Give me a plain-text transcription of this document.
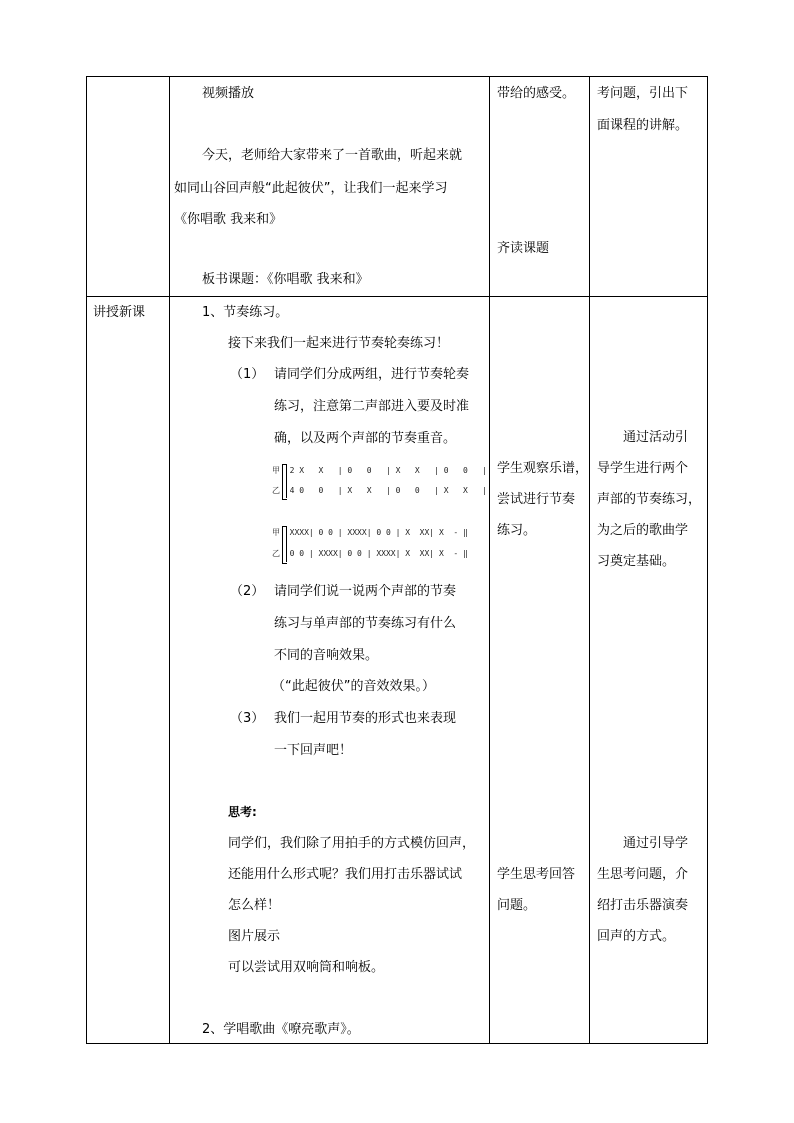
视频播放
今天，老师给大家带来了一首歌曲，听起来就
如同山谷回声般“此起彼伏”，让我们一起来学习
《你唱歌 我来和》
板书课题：《你唱歌 我来和》
带给的感受。
齐读课题
考问题，引出下
面课程的讲解。
讲授新课	1、节奏练习。
接下来我们一起来进行节奏轮奏练习！
（1） 请同学们分成两组，进行节奏轮奏
练习，注意第二声部进入要及时准
确，以及两个声部的节奏重音。
甲  2 X   X   | 0   0   | X   X   | 0   0   |
乙  4 0   0   | X   X   | 0   0   | X   X   |
甲  XXXX| 0 0 | XXXX| 0 0 | X  XX| X  - ‖
乙  0 0 | XXXX| 0 0 | XXXX| X  XX| X  - ‖
（2） 请同学们说一说两个声部的节奏
练习与单声部的节奏练习有什么
不同的音响效果。
（“此起彼伏”的音效效果。）
（3） 我们一起用节奏的形式也来表现
一下回声吧！
思考:
同学们，我们除了用拍手的方式模仿回声，
还能用什么形式呢？我们用打击乐器试试
怎么样！
图片展示
可以尝试用双响筒和响板。
2、学唱歌曲《嘹亮歌声》。
学生观察乐谱，
尝试进行节奏
练习。
学生思考回答
问题。
通过活动引
导学生进行两个
声部的节奏练习，
为之后的歌曲学
习奠定基础。
通过引导学
生思考问题，介
绍打击乐器演奏
回声的方式。
